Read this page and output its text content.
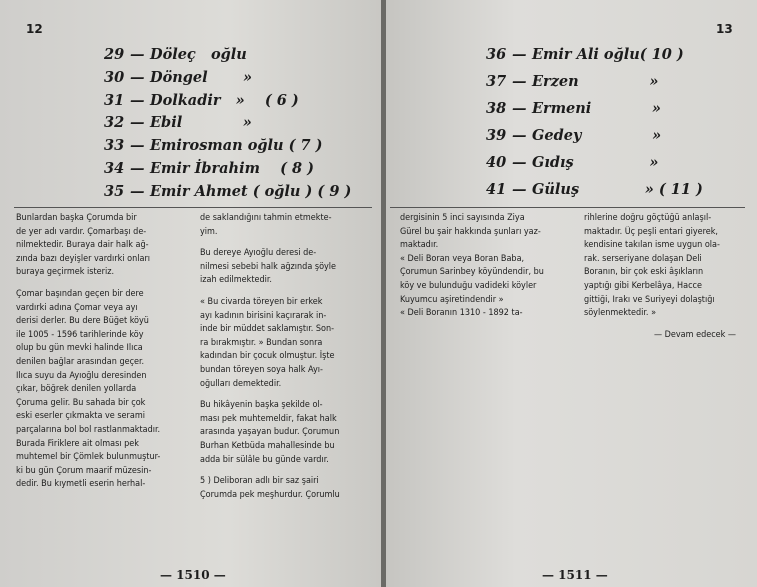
12
29 — Döleç   oğlu
30 — Döngel       »
31 — Dolkadir   »    ( 6 )
32 — Ebil            »
33 — Emirosman oğlu ( 7 )
34 — Emir İbrahim    ( 8 )
35 — Emir Ahmet ( oğlu ) ( 9 )
Bunlardan başka Çorumda bir
de yer adı vardır. Çomarbaşı de-
nilmektedir. Buraya dair halk ağ-
zında bazı deyişler vardırki onları
buraya geçirmek isteriz.
Çomar başından geçen bir dere
vardırki adına Çomar veya ayı
derisi derler. Bu dere Büğet köyü
ile 1005 - 1596 tarihlerinde köy
olup bu gün mevki halinde Ilıca
denilen bağlar arasından geçer.
Ilıca suyu da Ayıoğlu deresinden
çıkar, böğrek denilen yollarda
Çoruma gelir. Bu sahada bir çok
eski eserler çıkmakta ve serami
parçalarına bol bol rastlanmaktadır.
Burada Firiklere ait olması pek
muhtemel bir Çömlek bulunmuştur-
ki bu gün Çorum maarif müzesin-
dedir. Bu kıymetli eserin herhal-
de saklandığını tahmin etmekte-
yim.
Bu dereye Ayıoğlu deresi de-
nilmesi sebebi halk ağzında şöyle
izah edilmektedir.
« Bu civarda töreyen bir erkek
ayı kadının birisini kaçırarak in-
inde bir müddet saklamıştır. Son-
ra bırakmıştır. » Bundan sonra
kadından bir çocuk olmuştur. İşte
bundan töreyen soya halk Ayı-
oğulları demektedir.
Bu hikâyenin başka şekilde ol-
ması pek muhtemeldir, fakat halk
arasında yaşayan budur. Çorumun
Burhan Ketbüda mahallesinde bu
adda bir sülâle bu günde vardır.
5 ) Deliboran adlı bir saz şairi
Çorumda pek meşhurdur. Çorumlu
— 1510 —
13
36 — Emir Ali oğlu( 10 )
37 — Erzen              »
38 — Ermeni            »
39 — Gedey              »
40 — Gıdış               »
41 — Güluş             » ( 11 )
dergisinin 5 inci sayısında Ziya
Gürel bu şair hakkında şunları yaz-
maktadır.
« Deli Boran veya Boran Baba,
Çorumun Sarinbey köyündendir, bu
köy ve bulunduğu vadideki köyler
Kuyumcu aşiretindendir »
« Deli Boranın 1310 - 1892 ta-
rihlerine doğru göçtüğü anlaşıl-
maktadır. Üç peşli entari giyerek,
kendisine takılan isme uygun ola-
rak. serseriyane dolaşan Deli
Boranın, bir çok eski âşıkların
yaptığı gibi Kerbelâya, Hacce
gittiği, Irakı ve Suriyeyi dolaştığı
söylenmektedir. »
— Devam edecek —
— 1511 —
